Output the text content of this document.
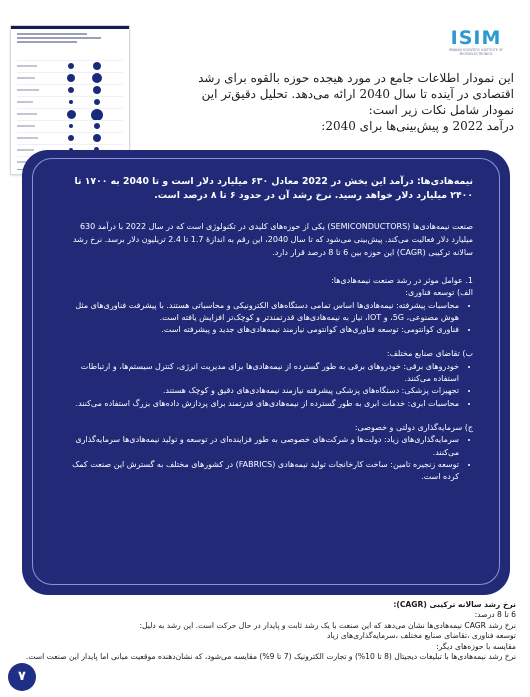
ISIM
IRANIAN SCIENTIFIC INSTITUTE OF MICROELECTRONICS

این نمودار اطلاعات جامع در مورد هیجده حوزه بالقوه برای رشد

اقتصادی در آینده تا سال 2040 ارائه می‌دهد. تحلیل دقیق‌تر این

نمودار شامل نکات زیر است:

درآمد 2022 و پیش‌بینی‌ها برای 2040:

نیمه‌هادی‌ها: درآمد این بخش در 2022 معادل ۶۳۰ میلیارد دلار است و تا 2040 به ۱۷۰۰ تا ۲۴۰۰ میلیارد دلار خواهد رسید. نرخ رشد آن در حدود ۶ تا ۸ درصد است.

صنعت نیمه‌هادی‌ها (SEMICONDUCTORS) یکی از حوزه‌های کلیدی در تکنولوژی است که در سال 2022 با درآمد 630 میلیارد دلار فعالیت می‌کند. پیش‌بینی می‌شود که تا سال 2040، این رقم به اندازهٔ 1.7 تا 2.4 تریلیون دلار برسد. نرخ رشد سالانه ترکیبی (CAGR) این حوزه بین 6 تا 8 درصد قرار دارد.

1. عوامل موثر در رشد صنعت نیمه‌هادی‌ها:

الف) توسعه فناوری:

• محاسبات پیشرفته: نیمه‌هادی‌ها اساس تمامی دستگاه‌های الکترونیکی و محاسباتی هستند. با پیشرفت فناوری‌های مثل هوش مصنوعی، 5G، و IOT، نیاز به نیمه‌هادی‌های قدرتمندتر و کوچک‌تر افزایش یافته است.
• فناوری کوانتومی: توسعه فناوری‌های کوانتومی نیازمند نیمه‌هادی‌های جدید و پیشرفته است.

ب) تقاضای صنایع مختلف:

• خودروهای برقی: خودروهای برقی به طور گسترده از نیمه‌هادی‌ها برای مدیریت انرژی، کنترل سیستم‌ها، و ارتباطات استفاده می‌کنند.
• تجهیزات پزشکی: دستگاه‌های پزشکی پیشرفته نیازمند نیمه‌هادی‌های دقیق و کوچک هستند.
• محاسبات ابری: خدمات ابری به طور گسترده از نیمه‌هادی‌های قدرتمند برای پردازش داده‌های بزرگ استفاده می‌کنند.

ج) سرمایه‌گذاری دولتی و خصوصی:

• سرمایه‌گذاری‌های زیاد: دولت‌ها و شرکت‌های خصوصی به طور فزاینده‌ای در توسعه و تولید نیمه‌هادی‌ها سرمایه‌گذاری می‌کنند.
• توسعه زنجیره تامین: ساخت کارخانجات تولید نیمه‌هادی (FABRICS) در کشورهای مختلف به گسترش این صنعت کمک کرده است.

نرخ رشد سالانه ترکیبی (CAGR):

6 تا 8 درصد:

نرخ رشد CAGR نیمه‌هادی‌ها نشان می‌دهد که این صنعت با یک رشد ثابت و پایدار در حال حرکت است. این رشد به دلیل:

توسعه فناوری ،تقاضای صنایع مختلف ،سرمایه‌گذاری‌های زیاد

مقایسه با حوزه‌های دیگر:

نرخ رشد نیمه‌هادی‌ها با تبلیغات دیجیتال (8 تا 10%) و تجارت الکترونیک (7 تا 9%) مقایسه می‌شود، که نشان‌دهنده موقعیت میانی اما پایدار این صنعت است.

۷
